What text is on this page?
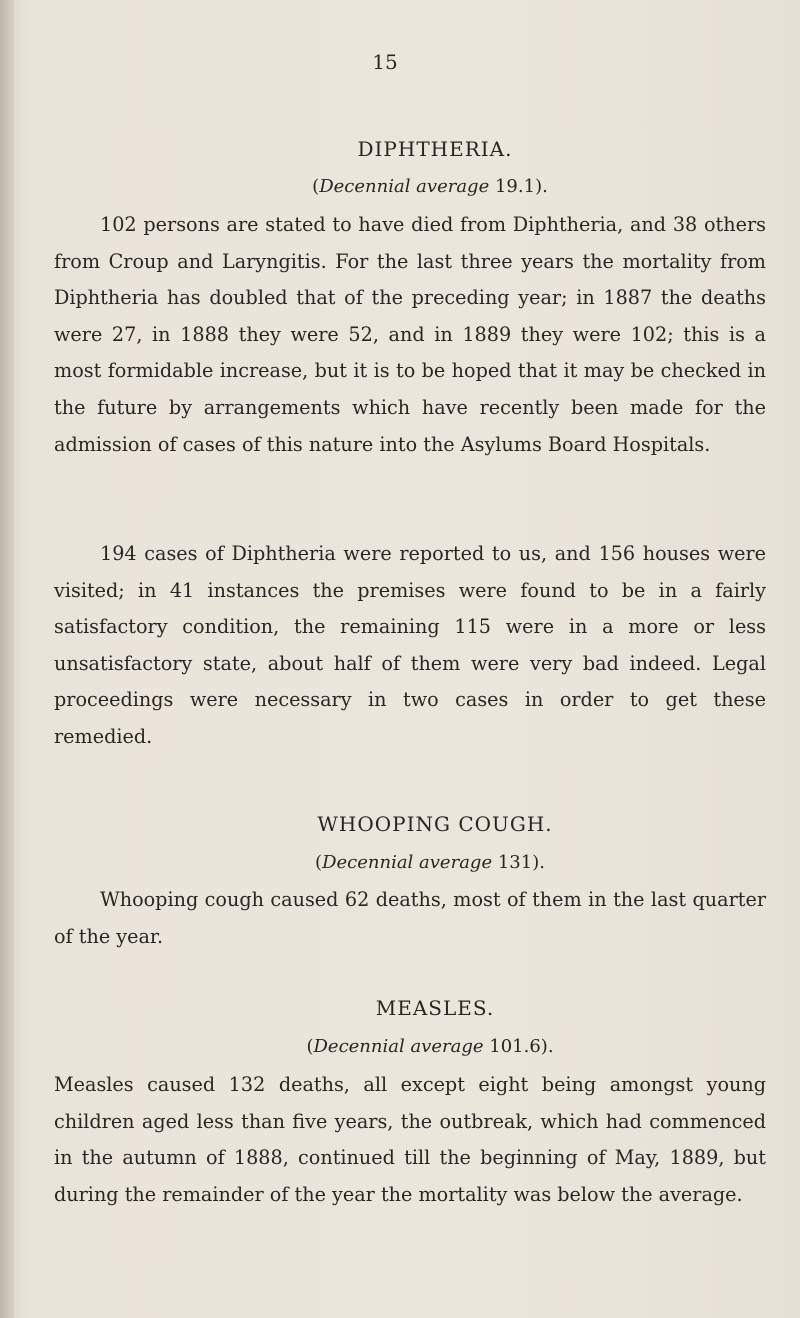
15
DIPHTHERIA.
(Decennial average 19.1).

102 persons are stated to have died from Diphtheria, and 38 others from Croup and Laryngitis. For the last three years the mortality from Diphtheria has doubled that of the preceding year; in 1887 the deaths were 27, in 1888 they were 52, and in 1889 they were 102; this is a most formidable increase, but it is to be hoped that it may be checked in the future by arrangements which have recently been made for the admission of cases of this nature into the Asylums Board Hospitals.

194 cases of Diphtheria were reported to us, and 156 houses were visited; in 41 instances the premises were found to be in a fairly satisfactory condition, the remaining 115 were in a more or less unsatisfactory state, about half of them were very bad indeed. Legal proceedings were necessary in two cases in order to get these remedied.

WHOOPING COUGH.
(Decennial average 131).

Whooping cough caused 62 deaths, most of them in the last quarter of the year.

MEASLES.
(Decennial average 101.6).

Measles caused 132 deaths, all except eight being amongst young children aged less than five years, the outbreak, which had commenced in the autumn of 1888, continued till the beginning of May, 1889, but during the remainder of the year the mortality was below the average.
